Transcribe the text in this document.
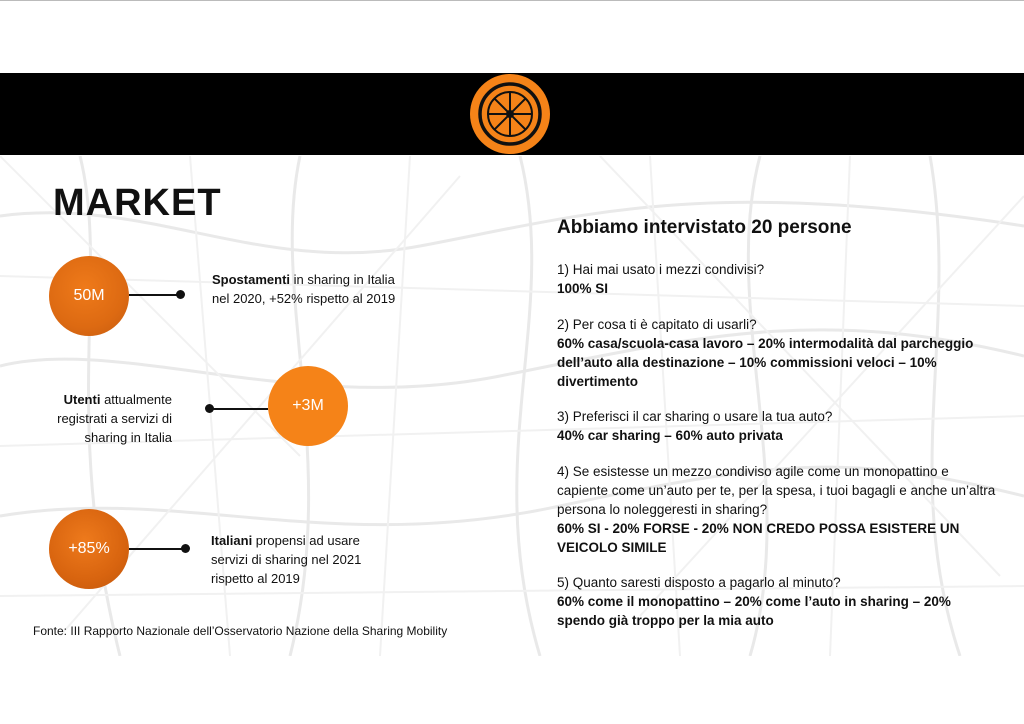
MARKET
50M
Spostamenti in sharing in Italia nel 2020, +52% rispetto al 2019
Utenti attualmente registrati a servizi di sharing in Italia
+3M
+85%	Italiani propensi ad usare servizi di sharing nel 2021 rispetto al 2019
Fonte: III Rapporto Nazionale dell’Osservatorio Nazione della Sharing Mobility
Abbiamo intervistato 20 persone
1) Hai mai usato i mezzi condivisi?
100% SI
2) Per cosa ti è capitato di usarli?
60% casa/scuola-casa lavoro – 20% intermodalità dal parcheggio dell’auto alla destinazione – 10% commissioni veloci – 10% divertimento
3) Preferisci il car sharing o usare la tua auto?
40% car sharing – 60% auto privata
4) Se esistesse un mezzo condiviso agile come un monopattino e capiente come un’auto per te, per la spesa, i tuoi bagagli e anche un’altra persona lo noleggeresti in sharing?
60% SI - 20% FORSE - 20% NON CREDO POSSA ESISTERE UN VEICOLO SIMILE
5) Quanto saresti disposto a pagarlo al minuto?
60% come il monopattino – 20% come l’auto in sharing – 20% spendo già troppo per la mia auto
